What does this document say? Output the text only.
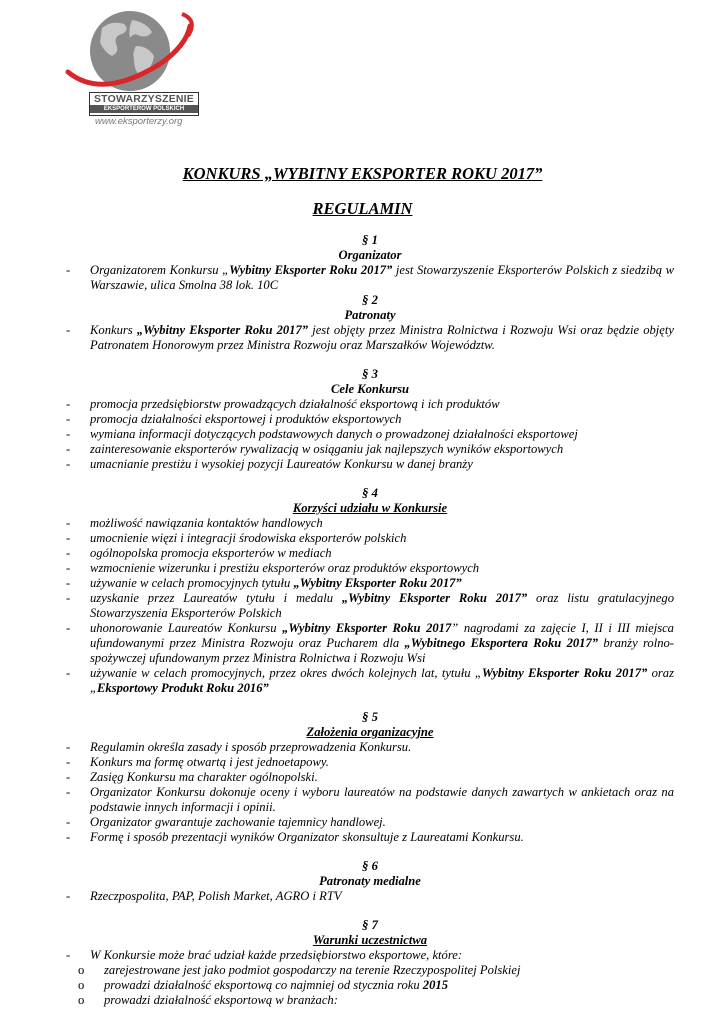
STOWARZYSZENIE
EKSPORTERÓW POLSKICH
www.eksporterzy.org
KONKURS „WYBITNY EKSPORTER ROKU 2017”
REGULAMIN
§ 1
Organizator
- Organizatorem Konkursu „Wybitny Eksporter Roku 2017” jest Stowarzyszenie Eksporterów Polskich z siedzibą w Warszawie, ulica Smolna 38 lok. 10C
§ 2
Patronaty
- Konkurs „Wybitny Eksporter Roku 2017” jest objęty przez Ministra Rolnictwa i Rozwoju Wsi oraz będzie objęty Patronatem Honorowym przez Ministra Rozwoju oraz Marszałków Województw.
§ 3
Cele Konkursu
- promocja przedsiębiorstw prowadzących działalność eksportową i ich produktów
- promocja działalności eksportowej i produktów eksportowych
- wymiana informacji dotyczących podstawowych danych o prowadzonej działalności eksportowej
- zainteresowanie eksporterów rywalizacją w osiąganiu jak najlepszych wyników eksportowych
- umacnianie prestiżu i wysokiej pozycji Laureatów Konkursu w danej branży
§ 4
Korzyści udziału w Konkursie
- możliwość nawiązania kontaktów handlowych
- umocnienie więzi i integracji środowiska eksporterów polskich
- ogólnopolska promocja eksporterów w mediach
- wzmocnienie wizerunku i prestiżu eksporterów oraz produktów eksportowych
- używanie w celach promocyjnych tytułu „Wybitny Eksporter Roku 2017”
- uzyskanie przez Laureatów tytułu i medalu „Wybitny Eksporter Roku 2017” oraz listu gratulacyjnego Stowarzyszenia Eksporterów Polskich
- uhonorowanie Laureatów Konkursu „Wybitny Eksporter Roku 2017” nagrodami za zajęcie I, II i III miejsca ufundowanymi przez Ministra Rozwoju oraz Pucharem dla „Wybitnego Eksportera Roku 2017” branży rolno-spożywczej ufundowanym przez Ministra Rolnictwa i Rozwoju Wsi
- używanie w celach promocyjnych, przez okres dwóch kolejnych lat, tytułu „Wybitny Eksporter Roku 2017” oraz „Eksportowy Produkt Roku 2016”
§ 5
Założenia organizacyjne
- Regulamin określa zasady i sposób przeprowadzenia Konkursu.
- Konkurs ma formę otwartą i jest jednoetapowy.
- Zasięg Konkursu ma charakter ogólnopolski.
- Organizator Konkursu dokonuje oceny i wyboru laureatów na podstawie danych zawartych w ankietach oraz na podstawie innych informacji i opinii.
- Organizator gwarantuje zachowanie tajemnicy handlowej.
- Formę i sposób prezentacji wyników Organizator skonsultuje z Laureatami Konkursu.
§ 6
Patronaty medialne
- Rzeczpospolita, PAP, Polish Market, AGRO i RTV
§ 7
Warunki uczestnictwa
- W Konkursie może brać udział każde przedsiębiorstwo eksportowe, które:
o zarejestrowane jest jako podmiot gospodarczy na terenie Rzeczypospolitej Polskiej
o prowadzi działalność eksportową co najmniej od stycznia roku 2015
o prowadzi działalność eksportową w branżach:
